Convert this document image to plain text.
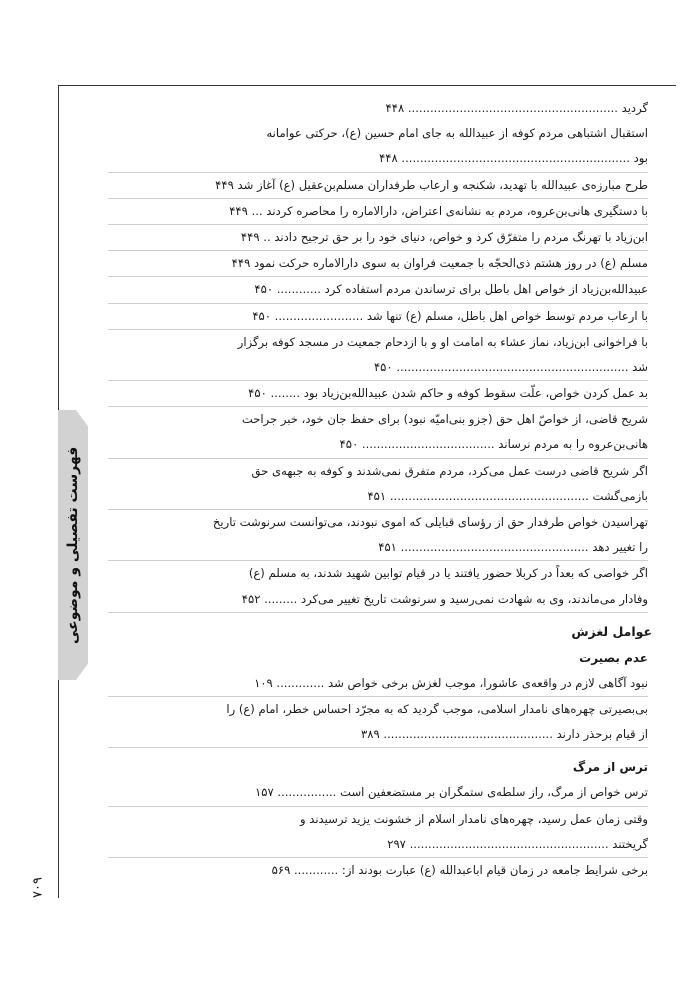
فهرست تفصیلی و موضوعی
۷۰۹
گردید ......................................................... ۴۴۸
استقبال اشتباهی مردم کوفه از عبیدالله به جای امام حسین (ع)، حرکتی عوامانه
بود .............................................................. ۴۴۸
طرح مبارزه‌ی عبیدالله با تهدید، شکنجه و ارعاب طرفداران مسلم‌بن‌عقیل (ع) آغاز شد ۴۴۹
با دستگیری هانی‌بن‌عروه، مردم به نشانه‌ی اعتراض، دارالاماره را محاصره کردند ... ۴۴۹
ابن‌زیاد با تهرنگ مردم را متفرّق کرد و خواص، دنیای خود را بر حق ترجیح دادند .. ۴۴۹
مسلم (ع) در روز هشتم ذی‌الحجّه با جمعیت فراوان به سوی دارالاماره حرکت نمود ۴۴۹
عبیدالله‌بن‌زیاد از خواص اهل باطل برای ترساندن مردم استفاده کرد ............ ۴۵۰
با ارعاب مردم توسط خواص اهل باطل، مسلم (ع) تنها شد ........................ ۴۵۰
با فراخوانی ابن‌زیاد، نماز عشاء به امامت او و با ازدحام جمعیت در مسجد کوفه برگزار
شد ............................................................... ۴۵۰
بد عمل کردن خواص، علّت سقوط کوفه و حاکم شدن عبیدالله‌بن‌زیاد بود ........ ۴۵۰
شریح قاضی، از خواصّ اهل حق (جزو بنی‌امیّه نبود) برای حفظ جان خود، خبر جراحت
هانی‌بن‌عروه را به مردم نرساند .................................... ۴۵۰
اگر شریح قاضی درست عمل می‌کرد، مردم متفرق نمی‌شدند و کوفه به جبهه‌ی حق
بازمی‌گشت ...................................................... ۴۵۱
تهراسیدن خواص طرفدار حق از رؤسای قبایلی که اموی نبودند، می‌توانست سرنوشت تاریخ
را تغییر دهد ................................................... ۴۵۱
اگر خواصی که بعداً در کربلا حضور یافتند یا در قیام توابین شهید شدند، به مسلم (ع)
وفادار می‌ماندند، وی به شهادت نمی‌رسید و سرنوشت تاریخ تغییر می‌کرد ......... ۴۵۲
عوامل لغزش
عدم بصیرت
نبود آگاهی لازم در واقعه‌ی عاشورا، موجب لغزش برخی خواص شد ............. ۱۰۹
بی‌بصیرتی چهره‌های نامدار اسلامی، موجب گردید که به مجرّد احساس خطر، امام (ع) را
از قیام برحذر دارند .............................................. ۳۸۹
ترس از مرگ
ترس خواص از مرگ، راز سلطه‌ی ستمگران بر مستضعفین است ................ ۱۵۷
وقتی زمان عمل رسید، چهره‌های نامدار اسلام از خشونت یزید ترسیدند و
گریختند ...................................................... ۲۹۷
برخی شرایط جامعه در زمان قیام اباعبدالله (ع) عبارت بودند از: ............ ۵۶۹
